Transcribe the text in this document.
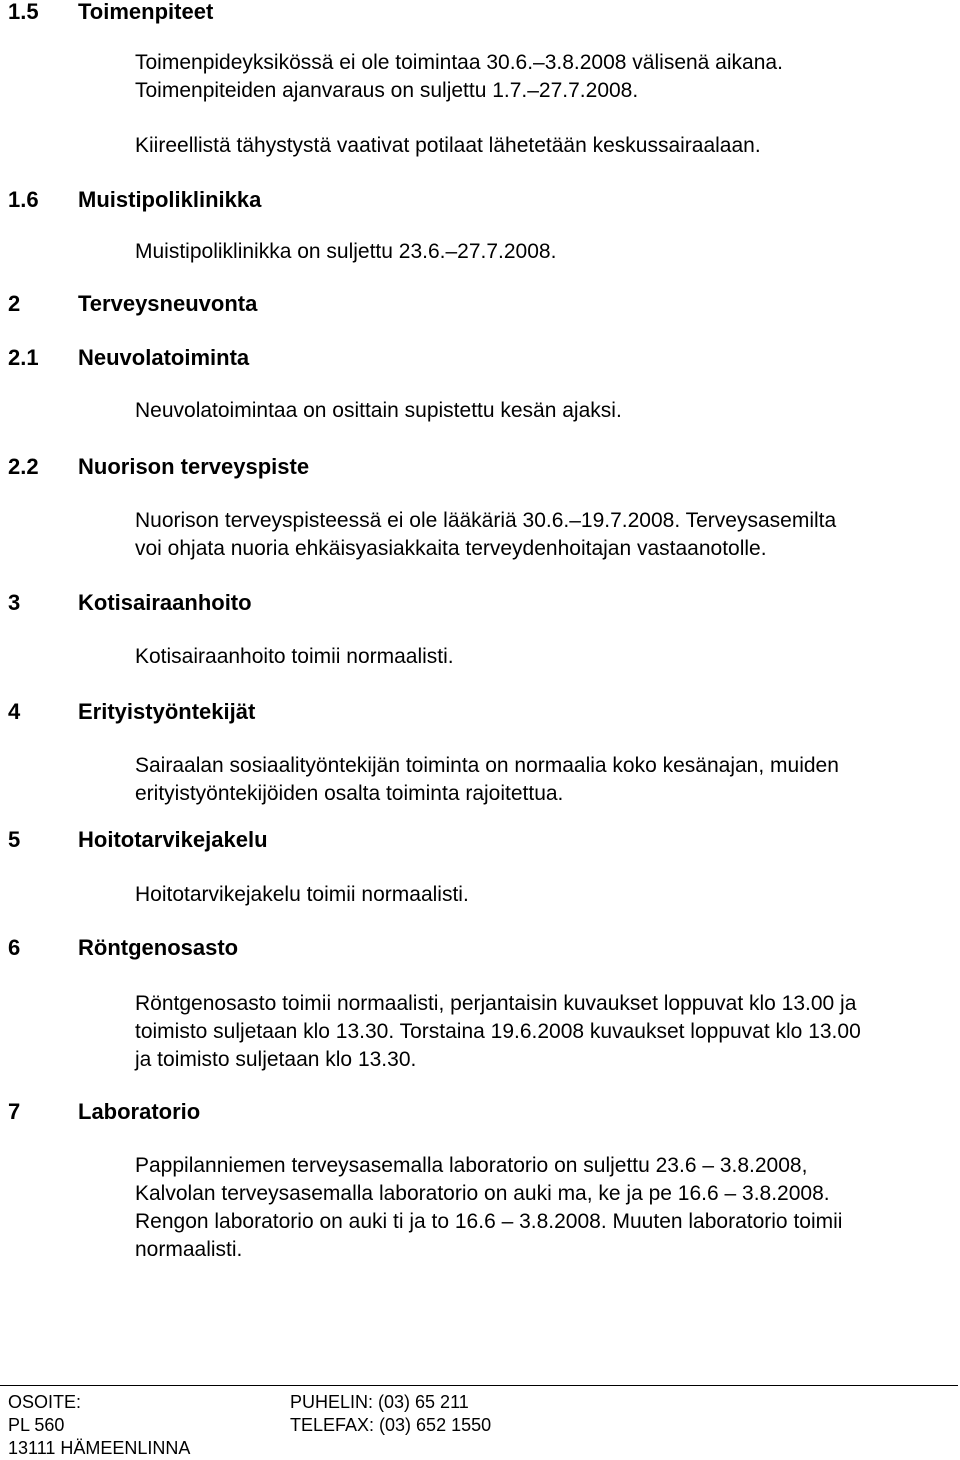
1.5 Toimenpiteet
Toimenpideyksikössä ei ole toimintaa 30.6.–3.8.2008 välisenä aikana.
Toimenpiteiden ajanvaraus on suljettu 1.7.–27.7.2008.
Kiireellistä tähystystä vaativat potilaat lähetetään keskussairaalaan.
1.6 Muistipoliklinikka
Muistipoliklinikka on suljettu 23.6.–27.7.2008.
2	Terveysneuvonta
2.1 Neuvolatoiminta
Neuvolatoimintaa on osittain supistettu kesän ajaksi.
2.2 Nuorison terveyspiste
Nuorison terveyspisteessä ei ole lääkäriä 30.6.–19.7.2008. Terveysasemilta
voi ohjata nuoria ehkäisyasiakkaita terveydenhoitajan vastaanotolle.
3	Kotisairaanhoito
Kotisairaanhoito toimii normaalisti.
4	Erityistyöntekijät
Sairaalan sosiaalityöntekijän toiminta on normaalia koko kesänajan, muiden
erityistyöntekijöiden osalta toiminta rajoitettua.
5	Hoitotarvikejakelu
Hoitotarvikejakelu toimii normaalisti.
6	Röntgenosasto
Röntgenosasto toimii normaalisti, perjantaisin kuvaukset loppuvat klo 13.00 ja
toimisto suljetaan klo 13.30. Torstaina 19.6.2008 kuvaukset loppuvat klo 13.00
ja toimisto suljetaan klo 13.30.
7	Laboratorio
Pappilanniemen terveysasemalla laboratorio on suljettu 23.6 – 3.8.2008,
Kalvolan terveysasemalla laboratorio on auki ma, ke ja pe 16.6 – 3.8.2008.
Rengon laboratorio on auki ti ja to 16.6 – 3.8.2008. Muuten laboratorio toimii
normaalisti.
OSOITE:
PL 560
13111 HÄMEENLINNA
PUHELIN: (03) 65 211
TELEFAX: (03) 652 1550
